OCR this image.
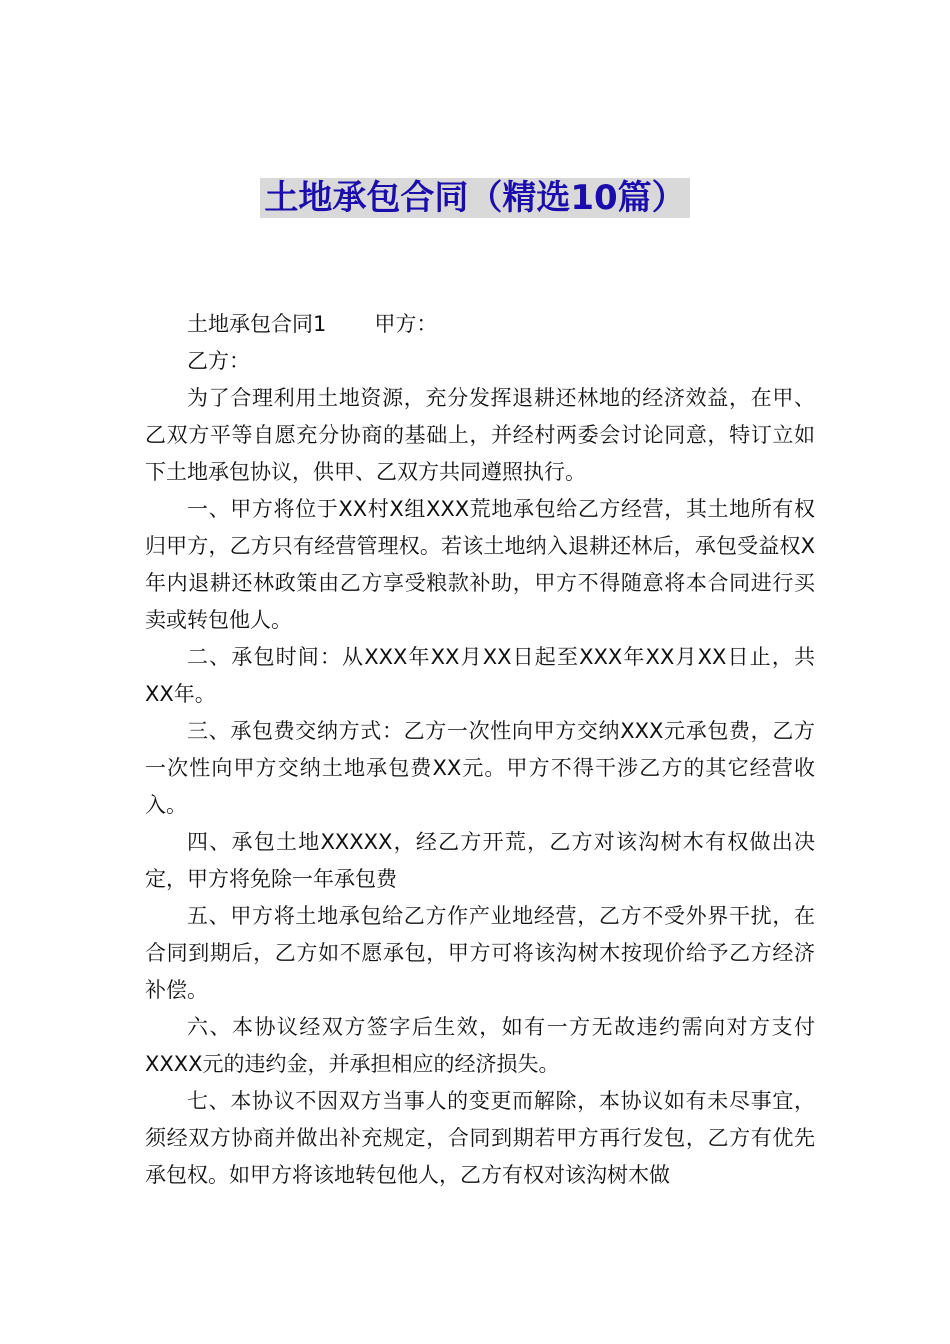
土地承包合同（精选10篇）

土地承包合同1 甲方：

乙方：

为了合理利用土地资源，充分发挥退耕还林地的经济效益，在甲、乙双方平等自愿充分协商的基础上，并经村两委会讨论同意，特订立如下土地承包协议，供甲、乙双方共同遵照执行。

一、甲方将位于XX村X组XXX荒地承包给乙方经营，其土地所有权归甲方，乙方只有经营管理权。若该土地纳入退耕还林后，承包受益权X年内退耕还林政策由乙方享受粮款补助，甲方不得随意将本合同进行买卖或转包他人。

二、承包时间：从XXX年XX月XX日起至XXX年XX月XX日止，共XX年。

三、承包费交纳方式：乙方一次性向甲方交纳XXX元承包费，乙方一次性向甲方交纳土地承包费XX元。甲方不得干涉乙方的其它经营收入。

四、承包土地XXXXX，经乙方开荒，乙方对该沟树木有权做出决定，甲方将免除一年承包费

五、甲方将土地承包给乙方作产业地经营，乙方不受外界干扰，在合同到期后，乙方如不愿承包，甲方可将该沟树木按现价给予乙方经济补偿。

六、本协议经双方签字后生效，如有一方无故违约需向对方支付XXXX元的违约金，并承担相应的经济损失。

七、本协议不因双方当事人的变更而解除，本协议如有未尽事宜，须经双方协商并做出补充规定，合同到期若甲方再行发包，乙方有优先承包权。如甲方将该地转包他人，乙方有权对该沟树木做
